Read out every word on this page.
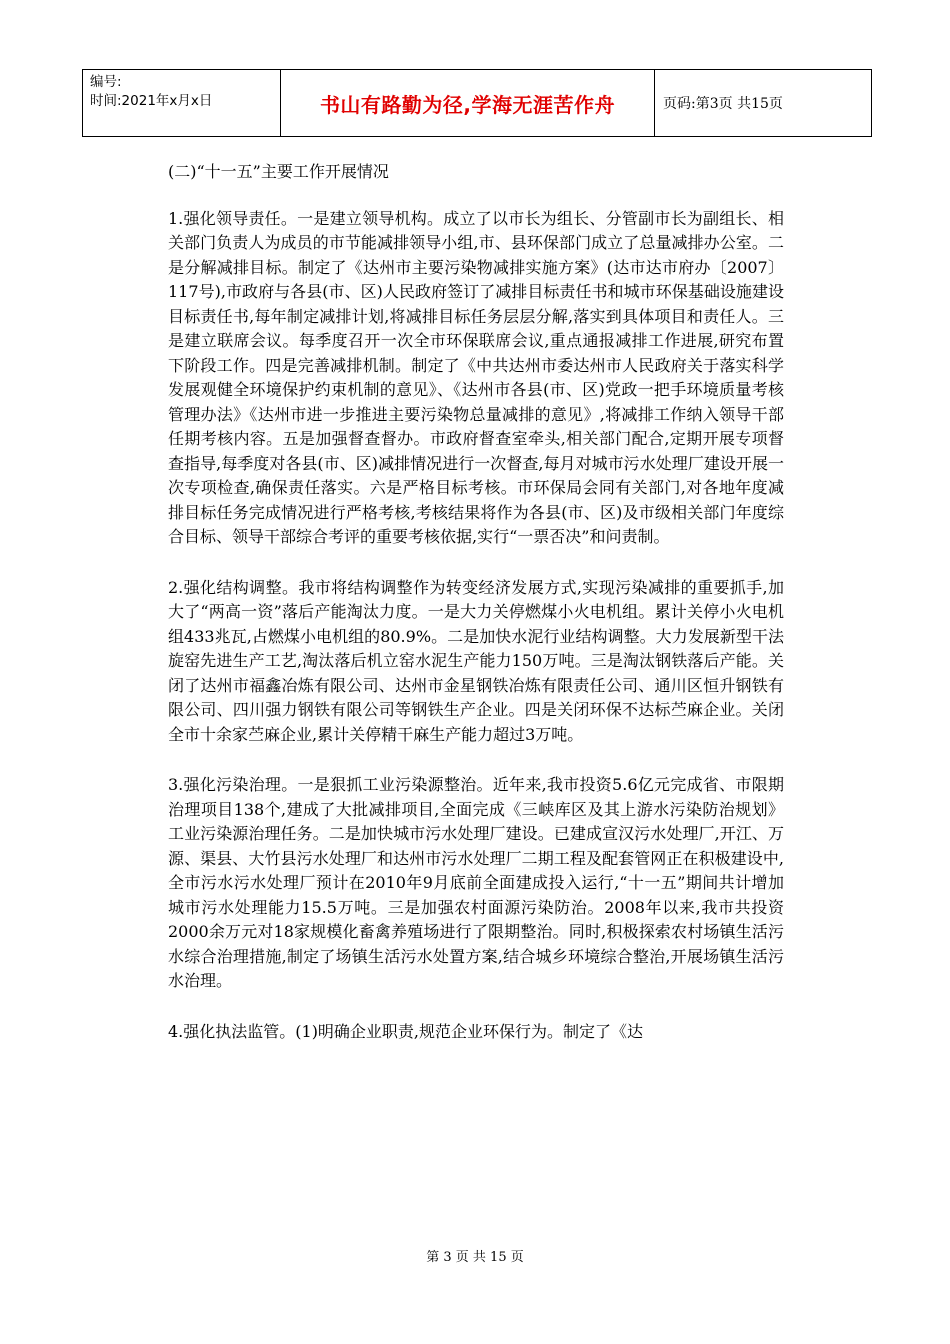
编号:
时间:2021年x月x日	书山有路勤为径,学海无涯苦作舟	页码:第3页 共15页

(二)“十一五”主要工作开展情况

1.强化领导责任。一是建立领导机构。成立了以市长为组长、分管副市长为副组长、相关部门负责人为成员的市节能减排领导小组,市、县环保部门成立了总量减排办公室。二是分解减排目标。制定了《达州市主要污染物减排实施方案》(达市达市府办〔2007〕117号),市政府与各县(市、区)人民政府签订了减排目标责任书和城市环保基础设施建设目标责任书,每年制定减排计划,将减排目标任务层层分解,落实到具体项目和责任人。三是建立联席会议。每季度召开一次全市环保联席会议,重点通报减排工作进展,研究布置下阶段工作。四是完善减排机制。制定了《中共达州市委达州市人民政府关于落实科学发展观健全环境保护约束机制的意见》、《达州市各县(市、区)党政一把手环境质量考核管理办法》《达州市进一步推进主要污染物总量减排的意见》,将减排工作纳入领导干部任期考核内容。五是加强督查督办。市政府督查室牵头,相关部门配合,定期开展专项督查指导,每季度对各县(市、区)减排情况进行一次督查,每月对城市污水处理厂建设开展一次专项检查,确保责任落实。六是严格目标考核。市环保局会同有关部门,对各地年度减排目标任务完成情况进行严格考核,考核结果将作为各县(市、区)及市级相关部门年度综合目标、领导干部综合考评的重要考核依据,实行“一票否决”和问责制。

2.强化结构调整。我市将结构调整作为转变经济发展方式,实现污染减排的重要抓手,加大了“两高一资”落后产能淘汰力度。一是大力关停燃煤小火电机组。累计关停小火电机组433兆瓦,占燃煤小电机组的80.9%。二是加快水泥行业结构调整。大力发展新型干法旋窑先进生产工艺,淘汰落后机立窑水泥生产能力150万吨。三是淘汰钢铁落后产能。关闭了达州市福鑫冶炼有限公司、达州市金星钢铁冶炼有限责任公司、通川区恒升钢铁有限公司、四川强力钢铁有限公司等钢铁生产企业。四是关闭环保不达标苎麻企业。关闭全市十余家苎麻企业,累计关停精干麻生产能力超过3万吨。

3.强化污染治理。一是狠抓工业污染源整治。近年来,我市投资5.6亿元完成省、市限期治理项目138个,建成了大批减排项目,全面完成《三峡库区及其上游水污染防治规划》工业污染源治理任务。二是加快城市污水处理厂建设。已建成宣汉污水处理厂,开江、万源、渠县、大竹县污水处理厂和达州市污水处理厂二期工程及配套管网正在积极建设中,全市污水污水处理厂预计在2010年9月底前全面建成投入运行,“十一五”期间共计增加城市污水处理能力15.5万吨。三是加强农村面源污染防治。2008年以来,我市共投资2000余万元对18家规模化畜禽养殖场进行了限期整治。同时,积极探索农村场镇生活污水综合治理措施,制定了场镇生活污水处置方案,结合城乡环境综合整治,开展场镇生活污水治理。

4.强化执法监管。(1)明确企业职责,规范企业环保行为。制定了《达

第 3 页 共 15 页
